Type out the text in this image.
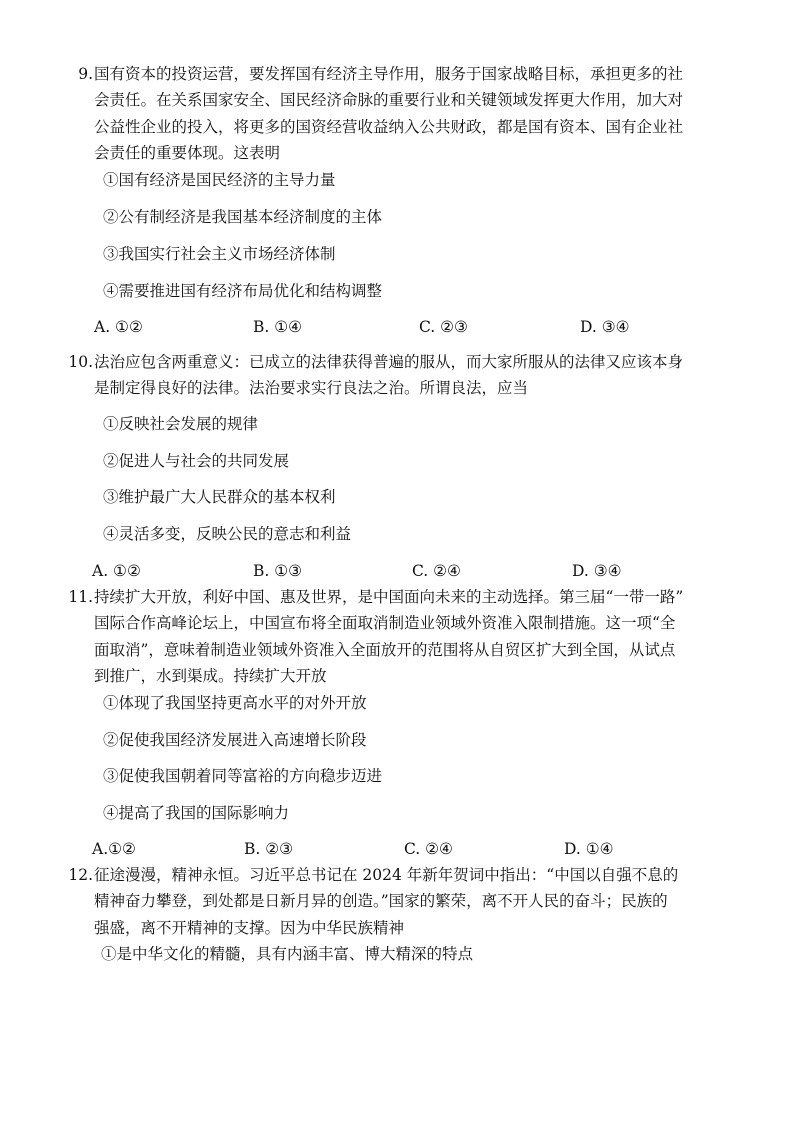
9. 国有资本的投资运营，要发挥国有经济主导作用，服务于国家战略目标，承担更多的社
会责任。在关系国家安全、国民经济命脉的重要行业和关键领域发挥更大作用，加大对
公益性企业的投入，将更多的国资经营收益纳入公共财政，都是国有资本、国有企业社
会责任的重要体现。这表明
①国有经济是国民经济的主导力量
②公有制经济是我国基本经济制度的主体
③我国实行社会主义市场经济体制
④需要推进国有经济布局优化和结构调整
A. ①②	B. ①④	C. ②③	D. ③④
10. 法治应包含两重意义：已成立的法律获得普遍的服从，而大家所服从的法律又应该本身
是制定得良好的法律。法治要求实行良法之治。所谓良法，应当
①反映社会发展的规律
②促进人与社会的共同发展
③维护最广大人民群众的基本权利
④灵活多变，反映公民的意志和利益
A. ①②	B. ①③	C. ②④	D. ③④
11. 持续扩大开放，利好中国、惠及世界，是中国面向未来的主动选择。第三届“一带一路”
国际合作高峰论坛上，中国宣布将全面取消制造业领域外资准入限制措施。这一项“全
面取消”，意味着制造业领域外资准入全面放开的范围将从自贸区扩大到全国，从试点
到推广，水到渠成。持续扩大开放
①体现了我国坚持更高水平的对外开放
②促使我国经济发展进入高速增长阶段
③促使我国朝着同等富裕的方向稳步迈进
④提高了我国的国际影响力
A.①②	B. ②③	C. ②④	D. ①④
12. 征途漫漫，精神永恒。习近平总书记在 2024 年新年贺词中指出：“中国以自强不息的
精神奋力攀登，到处都是日新月异的创造。”国家的繁荣，离不开人民的奋斗；民族的
强盛，离不开精神的支撑。因为中华民族精神
①是中华文化的精髓，具有内涵丰富、博大精深的特点
